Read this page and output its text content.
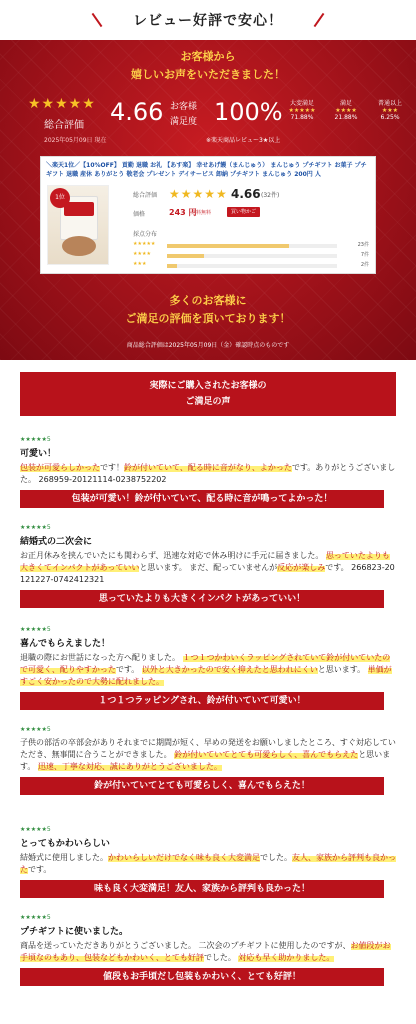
レビュー好評で安心！
お客様から
嬉しいお声をいただきました！
★★★★★
総合評価
2025年05月09日 現在
4.66 お客様
満足度 100%
※楽天商品レビュー3★以上
大変満足
★★★★★
71.88%
満足
★★★★
21.88%
普通以上
★★★
6.25%
＼楽天1位／【10%OFF】 貢勤 退職 お礼 【あす楽】 幸せあげ饅（まんじゅう） まんじゅう プチギフト お菓子 プチギフト 退職 産休 ありがとう 敬老会 プレゼント デイサービス 卸納 プチギフト まんじゅう 200円 人
1位	総合評価 ★★★★★ 4.66 (32件)
価格	243 円
送料無料	買い物かご
採点分布
★★★★★	23件
★★★★	7件
★★★	2件
多くのお客様に
ご満足の評価を頂いております！
商品総合評価は2025年05月09日（金）確認時点のものです
実際にご購入されたお客様の
ご満足の声
★★★★★5
可愛い！
包装が可愛らしかったです！鈴が付いていて、配る時に音がなり、よかったです。ありがとうございました。 268959-20121114-0238752202
包装が可愛い！鈴が付いていて、配る時に音が鳴ってよかった！
★★★★★5
結婚式の二次会に
お正月休みを挟んでいたにも関わらず、迅速な対応で休み明けに手元に届きました。 思っていたよりも大きくてインパクトがあっていいと思います。 まだ、配っていませんが反応が楽しみです。 266823-20121227-0742412321
思っていたよりも大きくインパクトがあっていい！
★★★★★5
喜んでもらえました！
退職の際にお世話になった方へ配りました。 １つ１つかわいくラッピングされていて鈴が付いていたので可愛く、配りやすかったです。 以外と大きかったので安く抑えたと思われにくいと思います。 単価がすごく安かったので大勢に配れました。
１つ１つラッピングされ、鈴が付いていて可愛い！
★★★★★5
子供の部活の卒部会がありそれまでに期間が短く、早めの発送をお願いしましたところ、すぐ対応していただき、無事間に合うことができました。 鈴が付いていてとても可愛らしく、喜んでもらえたと思います。 迅速、丁寧な対応、誠にありがとうございました。
鈴が付いていてとても可愛らしく、喜んでもらえた！
★★★★★5
とってもかわいらしい
結婚式に使用しました。かわいらしいだけでなく味も良く大変満足でした。友人、家族から評判も良かったです。
味も良く大変満足！友人、家族から評判も良かった！
★★★★★5
プチギフトに使いました。
商品を送っていただきありがとうございました。 二次会のプチギフトに使用したのですが、お値段がお手頃なのもあり、包装などもかわいく、とても好評でした。 対応も早く助かりました。
値段もお手頃だし包装もかわいく、とても好評！
